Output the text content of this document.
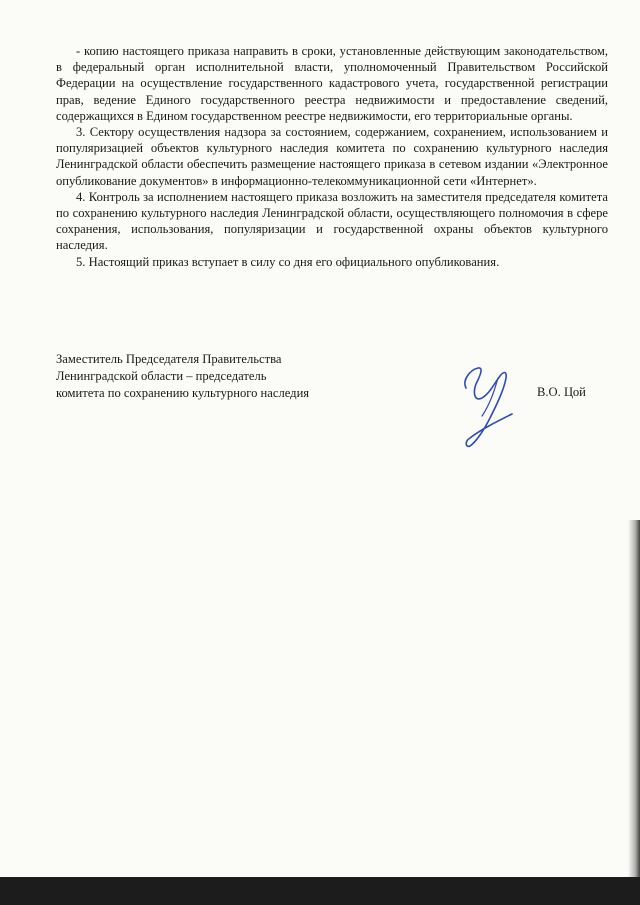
- копию настоящего приказа направить в сроки, установленные действующим законодательством, в федеральный орган исполнительной власти, уполномоченный Правительством Российской Федерации на осуществление государственного кадастрового учета, государственной регистрации прав, ведение Единого государственного реестра недвижимости и предоставление сведений, содержащихся в Едином государственном реестре недвижимости, его территориальные органы.

3. Сектору осуществления надзора за состоянием, содержанием, сохранением, использованием и популяризацией объектов культурного наследия комитета по сохранению культурного наследия Ленинградской области обеспечить размещение настоящего приказа в сетевом издании «Электронное опубликование документов» в информационно-телекоммуникационной сети «Интернет».

4. Контроль за исполнением настоящего приказа возложить на заместителя председателя комитета по сохранению культурного наследия Ленинградской области, осуществляющего полномочия в сфере сохранения, использования, популяризации и государственной охраны объектов культурного наследия.

5. Настоящий приказ вступает в силу со дня его официального опубликования.

Заместитель Председателя Правительства
Ленинградской области – председатель
комитета по сохранению культурного наследия	В.О. Цой
